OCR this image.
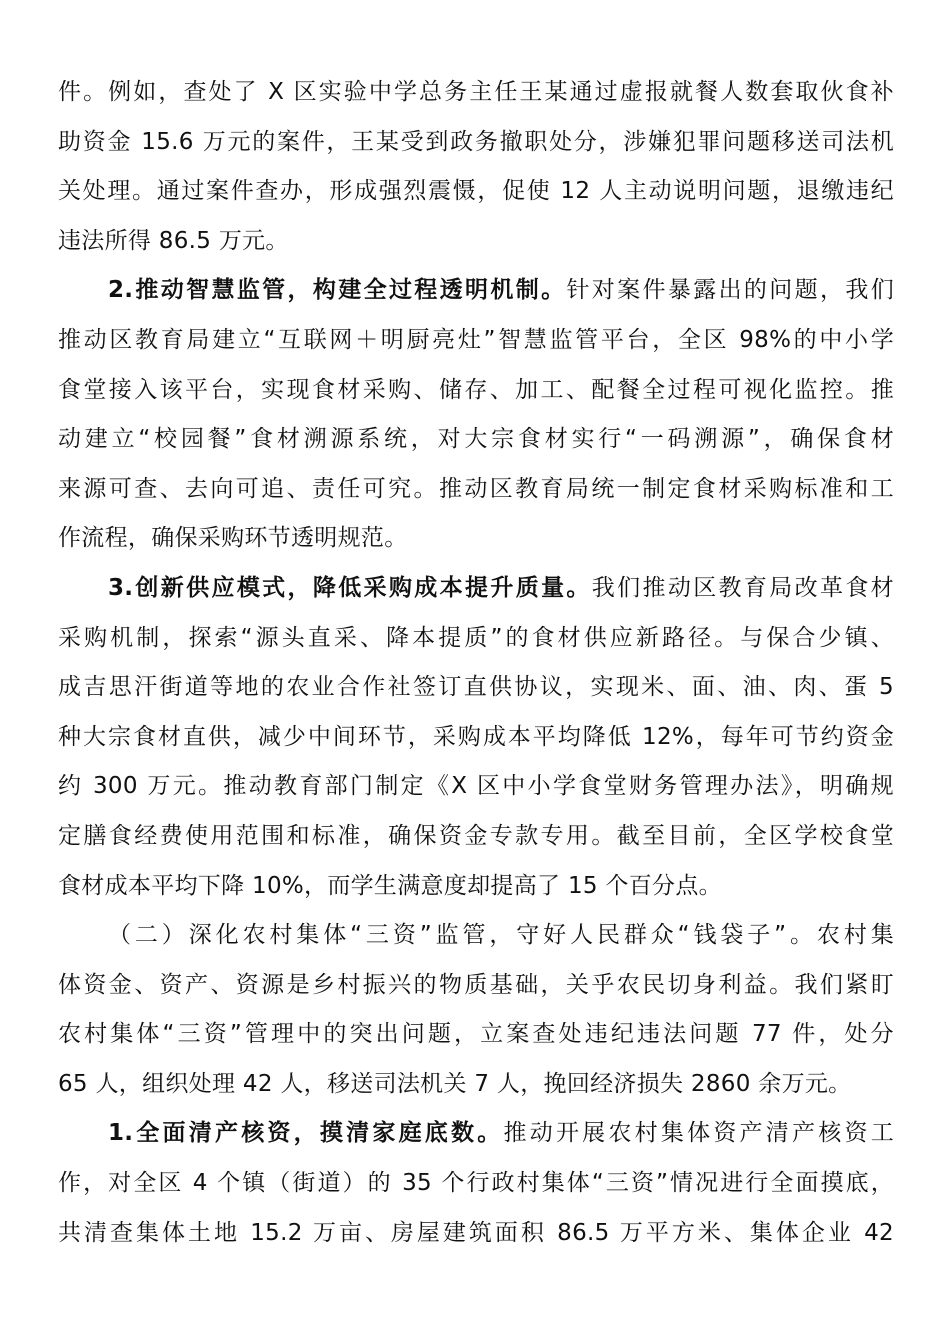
件。例如，查处了 X 区实验中学总务主任王某通过虚报就餐人数套取伙食补
助资金 15.6 万元的案件，王某受到政务撤职处分，涉嫌犯罪问题移送司法机
关处理。通过案件查办，形成强烈震慑，促使 12 人主动说明问题，退缴违纪
违法所得 86.5 万元。
2.推动智慧监管，构建全过程透明机制。针对案件暴露出的问题，我们
推动区教育局建立“互联网＋明厨亮灶”智慧监管平台，全区 98%的中小学
食堂接入该平台，实现食材采购、储存、加工、配餐全过程可视化监控。推
动建立“校园餐”食材溯源系统，对大宗食材实行“一码溯源”，确保食材
来源可查、去向可追、责任可究。推动区教育局统一制定食材采购标准和工
作流程，确保采购环节透明规范。
3.创新供应模式，降低采购成本提升质量。我们推动区教育局改革食材
采购机制，探索“源头直采、降本提质”的食材供应新路径。与保合少镇、
成吉思汗街道等地的农业合作社签订直供协议，实现米、面、油、肉、蛋 5
种大宗食材直供，减少中间环节，采购成本平均降低 12%，每年可节约资金
约 300 万元。推动教育部门制定《X 区中小学食堂财务管理办法》，明确规
定膳食经费使用范围和标准，确保资金专款专用。截至目前，全区学校食堂
食材成本平均下降 10%，而学生满意度却提高了 15 个百分点。
（二）深化农村集体“三资”监管，守好人民群众“钱袋子”。农村集
体资金、资产、资源是乡村振兴的物质基础，关乎农民切身利益。我们紧盯
农村集体“三资”管理中的突出问题，立案查处违纪违法问题 77 件，处分
65 人，组织处理 42 人，移送司法机关 7 人，挽回经济损失 2860 余万元。
1.全面清产核资，摸清家庭底数。推动开展农村集体资产清产核资工
作，对全区 4 个镇（街道）的 35 个行政村集体“三资”情况进行全面摸底，
共清查集体土地 15.2 万亩、房屋建筑面积 86.5 万平方米、集体企业 42
